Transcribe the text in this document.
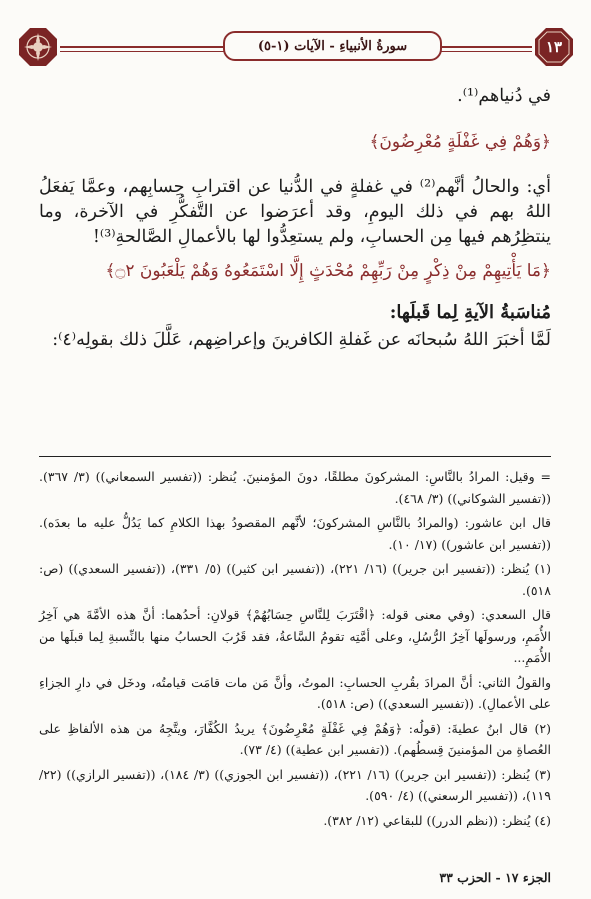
١٣
سورةُ الأنبياءِ - الآيات (١-٥)

في دُنياهم⁽¹⁾.

﴿وَهُمْ فِي غَفْلَةٍ مُعْرِضُونَ﴾

أي: والحالُ أنَّهم⁽²⁾ في غفلةٍ في الدُّنيا عن اقترابِ حِسابِهم، وعمَّا يَفعَلُ اللهُ بهم في ذلك اليومِ، وقد أعرَضوا عن التَّفكُّرِ في الآخرة، وما ينتظِرُهم فيها مِن الحسابِ، ولم يستعِدُّوا لها بالأعمالِ الصَّالحةِ⁽³⁾!

﴿مَا يَأْتِيهِمْ مِنْ ذِكْرٍ مِنْ رَبِّهِمْ مُحْدَثٍ إِلَّا اسْتَمَعُوهُ وَهُمْ يَلْعَبُونَ ۝٢﴾

مُناسَبةُ الآيةِ لِما قَبلَها:

لَمَّا أخبَرَ اللهُ سُبحانَه عن غَفلةِ الكافرينَ وإعراضِهم، عَلَّلَ ذلك بقولِه⁽٤⁾:

= وقيل: المرادُ بالنَّاسِ: المشركونَ مطلقًا، دونَ المؤمنينَ. يُنظر: ((تفسير السمعاني)) (٣/ ٣٦٧). ((تفسير الشوكاني)) (٣/ ٤٦٨).

قال ابن عاشور: (والمرادُ بالنَّاسِ المشركونَ؛ لأنَّهم المقصودُ بهذا الكلامِ كما يَدُلُّ عليه ما بعدَه). ((تفسير ابن عاشور)) (١٧/ ١٠).

(١) يُنظر: ((تفسير ابن جرير)) (١٦/ ٢٢١)، ((تفسير ابن كثير)) (٥/ ٣٣١)، ((تفسير السعدي)) (ص: ٥١٨).

قال السعدي: (وفي معنى قوله: ﴿اقْتَرَبَ لِلنَّاسِ حِسَابُهُمْ﴾ قولانِ: أحدُهما: أنَّ هذه الأمَّةَ هي آخِرُ الأُمَمِ، ورسولَها آخِرُ الرُّسُلِ، وعلى أمَّتِه تقومُ السَّاعةُ، فقد قَرُبَ الحسابُ منها بالنِّسبةِ لِما قبلَها من الأُمَمِ...

والقولُ الثاني: أنَّ المرادَ بقُربِ الحسابِ: الموتُ، وأنَّ مَن مات قامَت قيامتُه، ودخَل في دارِ الجزاءِ على الأعمالِ). ((تفسير السعدي)) (ص: ٥١٨).

(٢) قال ابنُ عطيةَ: (قولُه: ﴿وَهُمْ فِي غَفْلَةٍ مُعْرِضُونَ﴾ يريدُ الكُفَّارَ، ويتَّجِهُ من هذه الألفاظِ على العُصاةِ من المؤمنينَ قِسطُهم). ((تفسير ابن عطية)) (٤/ ٧٣).

(٣) يُنظر: ((تفسير ابن جرير)) (١٦/ ٢٢١)، ((تفسير ابن الجوزي)) (٣/ ١٨٤)، ((تفسير الرازي)) (٢٢/ ١١٩)، ((تفسير الرسعني)) (٤/ ٥٩٠).

(٤) يُنظر: ((نظم الدرر)) للبقاعي (١٢/ ٣٨٢).

الجزء ١٧ - الحزب ٣٣
